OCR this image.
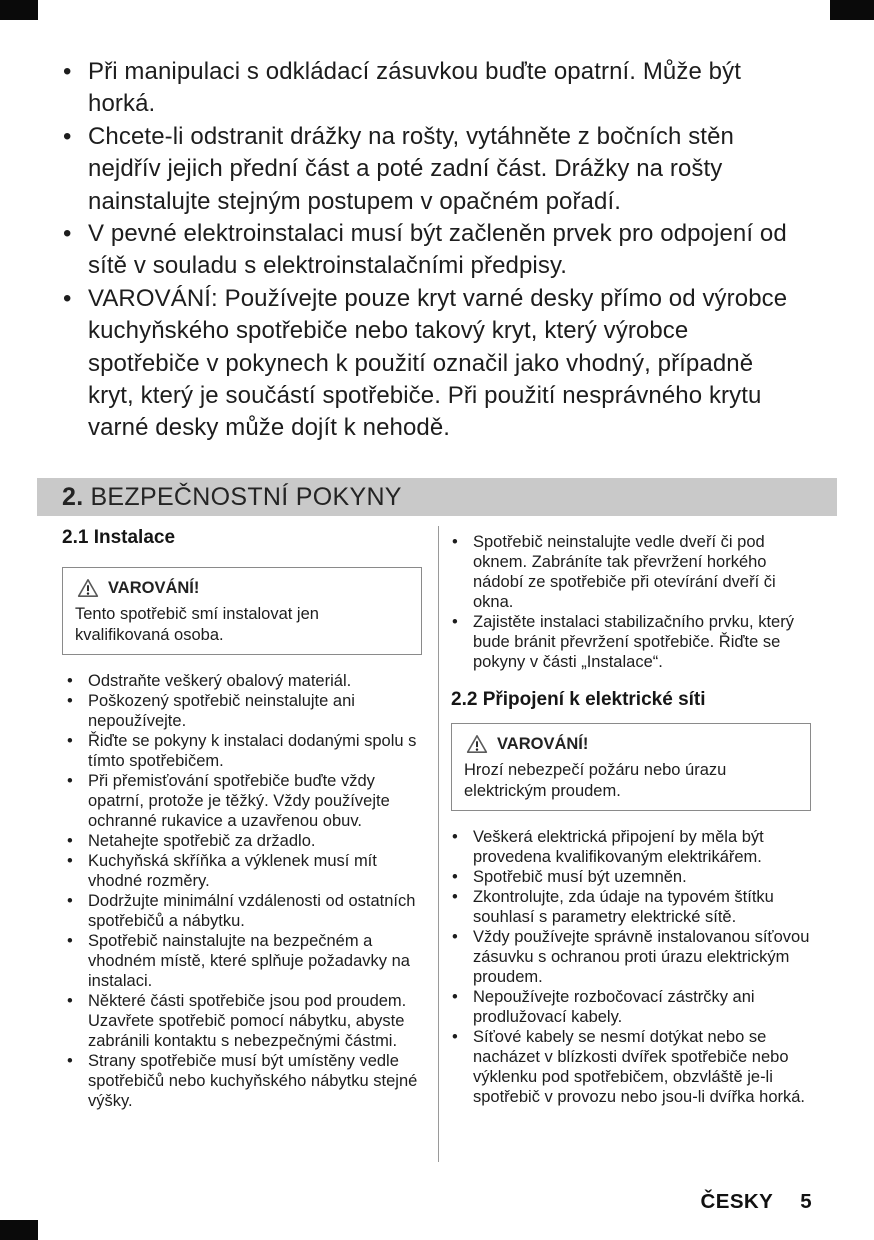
• Při manipulaci s odkládací zásuvkou buďte opatrní. Může být horká.
• Chcete-li odstranit drážky na rošty, vytáhněte z bočních stěn nejdřív jejich přední část a poté zadní část. Drážky na rošty nainstalujte stejným postupem v opačném pořadí.
• V pevné elektroinstalaci musí být začleněn prvek pro odpojení od sítě v souladu s elektroinstalačními předpisy.
• VAROVÁNÍ: Používejte pouze kryt varné desky přímo od výrobce kuchyňského spotřebiče nebo takový kryt, který výrobce spotřebiče v pokynech k použití označil jako vhodný, případně kryt, který je součástí spotřebiče. Při použití nesprávného krytu varné desky může dojít k nehodě.
2. BEZPEČNOSTNÍ POKYNY
2.1 Instalace
VAROVÁNÍ!

Tento spotřebič smí instalovat jen kvalifikovaná osoba.

• Odstraňte veškerý obalový materiál.
• Poškozený spotřebič neinstalujte ani nepoužívejte.
• Řiďte se pokyny k instalaci dodanými spolu s tímto spotřebičem.
• Při přemisťování spotřebiče buďte vždy opatrní, protože je těžký. Vždy používejte ochranné rukavice a uzavřenou obuv.
• Netahejte spotřebič za držadlo.
• Kuchyňská skříňka a výklenek musí mít vhodné rozměry.
• Dodržujte minimální vzdálenosti od ostatních spotřebičů a nábytku.
• Spotřebič nainstalujte na bezpečném a vhodném místě, které splňuje požadavky na instalaci.
• Některé části spotřebiče jsou pod proudem. Uzavřete spotřebič pomocí nábytku, abyste zabránili kontaktu s nebezpečnými částmi.
• Strany spotřebiče musí být umístěny vedle spotřebičů nebo kuchyňského nábytku stejné výšky.
• Spotřebič neinstalujte vedle dveří či pod oknem. Zabráníte tak převržení horkého nádobí ze spotřebiče při otevírání dveří či okna.
• Zajistěte instalaci stabilizačního prvku, který bude bránit převržení spotřebiče. Řiďte se pokyny v části „Instalace“.
2.2 Připojení k elektrické síti
VAROVÁNÍ!

Hrozí nebezpečí požáru nebo úrazu elektrickým proudem.

• Veškerá elektrická připojení by měla být provedena kvalifikovaným elektrikářem.
• Spotřebič musí být uzemněn.
• Zkontrolujte, zda údaje na typovém štítku souhlasí s parametry elektrické sítě.
• Vždy používejte správně instalovanou síťovou zásuvku s ochranou proti úrazu elektrickým proudem.
• Nepoužívejte rozbočovací zástrčky ani prodlužovací kabely.
• Síťové kabely se nesmí dotýkat nebo se nacházet v blízkosti dvířek spotřebiče nebo výklenku pod spotřebičem, obzvláště je-li spotřebič v provozu nebo jsou-li dvířka horká.
ČESKY 5
